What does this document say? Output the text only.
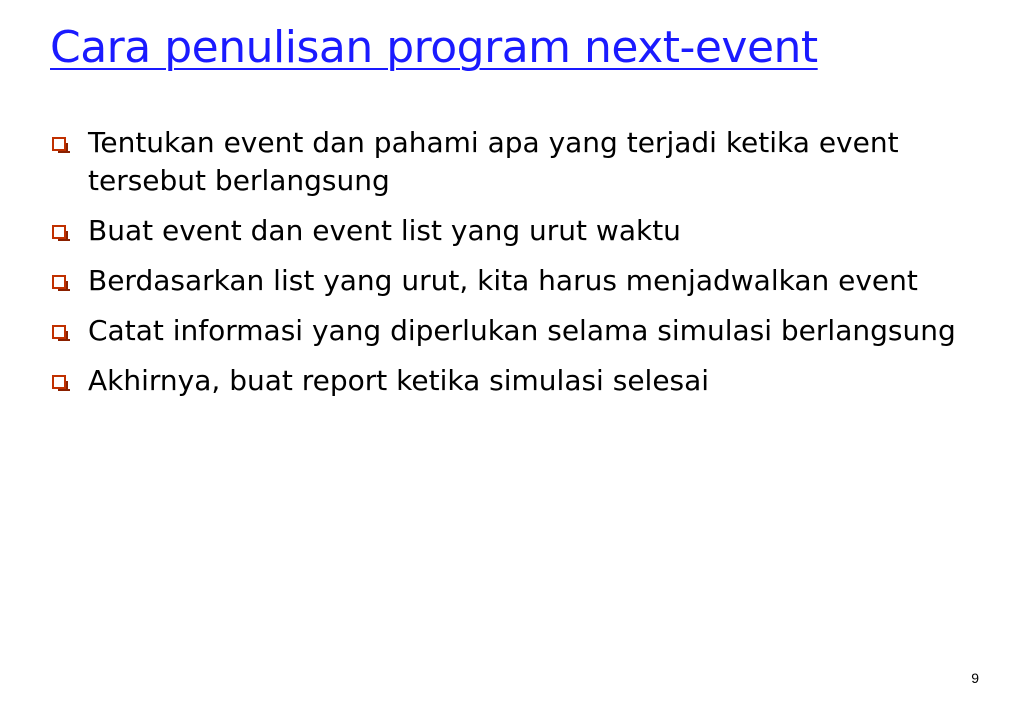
Cara penulisan program next-event
Tentukan event dan pahami apa yang terjadi ketika event tersebut berlangsung
Buat event dan event list yang urut waktu
Berdasarkan list yang urut, kita harus menjadwalkan event
Catat informasi yang diperlukan selama simulasi berlangsung
Akhirnya, buat report ketika simulasi selesai
9
